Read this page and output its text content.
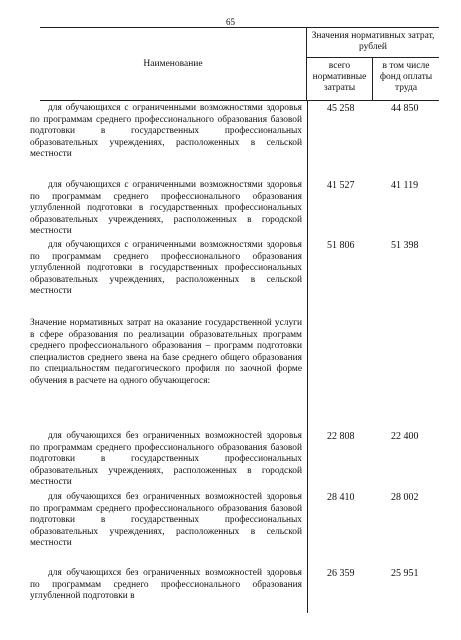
65
Наименование
Значения нормативных затрат, рублей
всего нормативные затраты
в том числе фонд оплаты труда

для обучающихся с ограниченными возможностями здоровья по программам среднего профессионального образования базовой подготовки в государственных профессиональных образовательных учреждениях, расположенных в сельской местности

45 258	44 850

для обучающихся с ограниченными возможностями здоровья по программам среднего профессионального образования углубленной подготовки в государственных профессиональных образовательных учреждениях, расположенных в городской местности

41 527	41 119

для обучающихся с ограниченными возможностями здоровья по программам среднего профессионального образования углубленной подготовки в государственных профессиональных образовательных учреждениях, расположенных в сельской местности

51 806	51 398

Значение нормативных затрат на оказание государственной услуги в сфере образования по реализации образовательных программ среднего профессионального образования – программ подготовки специалистов среднего звена на базе среднего общего образования по специальностям педагогического профиля по заочной форме обучения в расчете на одного обучающегося:

для обучающихся без ограниченных возможностей здоровья по программам среднего профессионального образования базовой подготовки в государственных профессиональных образовательных учреждениях, расположенных в городской местности

22 808	22 400

для обучающихся без ограниченных возможностей здоровья по программам среднего профессионального образования базовой подготовки в государственных профессиональных образовательных учреждениях, расположенных в сельской местности

28 410	28 002

для обучающихся без ограниченных возможностей здоровья по программам среднего профессионального образования углубленной подготовки в

26 359	25 951
